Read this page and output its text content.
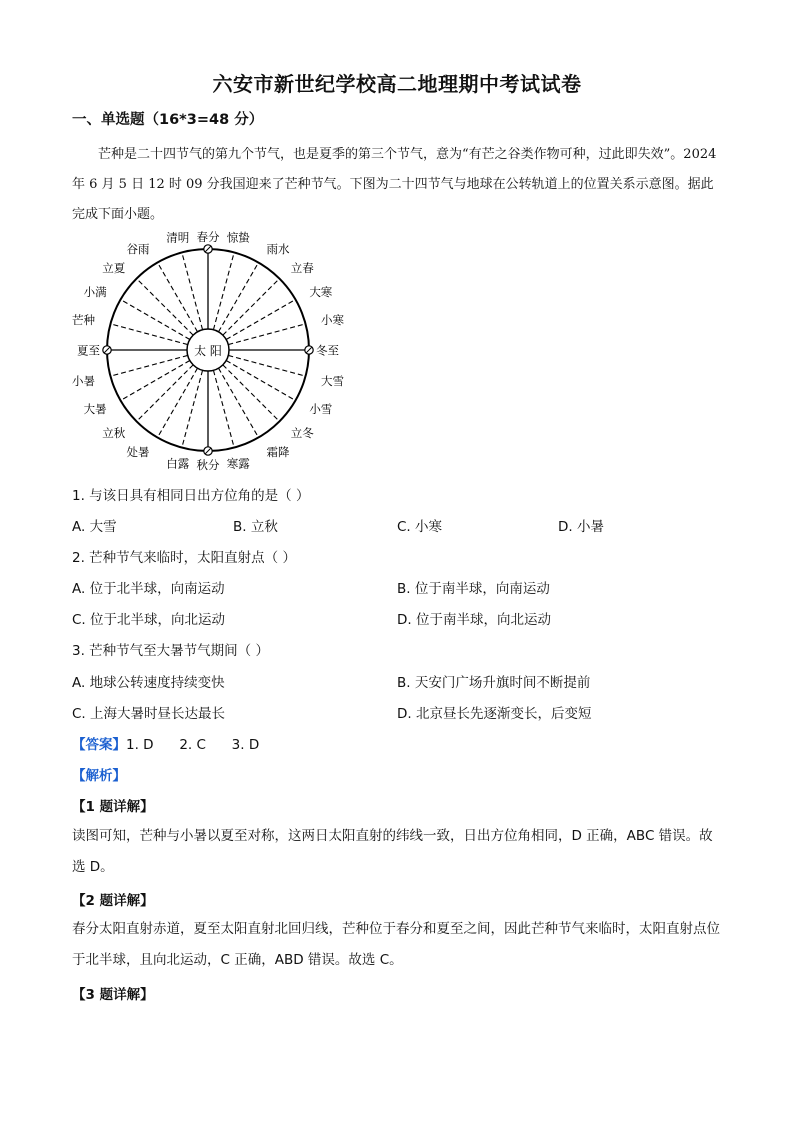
六安市新世纪学校高二地理期中考试试卷
一、单选题（16*3=48 分）

芒种是二十四节气的第九个节气，也是夏季的第三个节气，意为“有芒之谷类作物可种，过此即失效”。2024 年 6 月 5 日 12 时 09 分我国迎来了芒种节气。下图为二十四节气与地球在公转轨道上的位置关系示意图。据此完成下面小题。

太 阳	冬至
小寒
大寒
立春
雨水
惊蛰
春分
清明
谷雨
立夏
小满
芒种
夏至
小暑
大暑
立秋
处暑
白露 秋分 寒露
霜降
立冬
小雪
大雪
1. 与该日具有相同日出方位角的是（ ）
A. 大雪	B. 立秋	C. 小寒	D. 小暑
2. 芒种节气来临时，太阳直射点（ ）
A. 位于北半球，向南运动	B. 位于南半球，向南运动
C. 位于北半球，向北运动	D. 位于南半球，向北运动
3. 芒种节气至大暑节气期间（ ）
A. 地球公转速度持续变快	B. 天安门广场升旗时间不断提前
C. 上海大暑时昼长达最长	D. 北京昼长先逐渐变长，后变短
【答案】1. D      2. C      3. D
【解析】
【1 题详解】

读图可知，芒种与小暑以夏至对称，这两日太阳直射的纬线一致，日出方位角相同，D 正确，ABC 错误。故选 D。

【2 题详解】

春分太阳直射赤道，夏至太阳直射北回归线，芒种位于春分和夏至之间，因此芒种节气来临时，太阳直射点位于北半球，且向北运动，C 正确，ABD 错误。故选 C。

【3 题详解】
